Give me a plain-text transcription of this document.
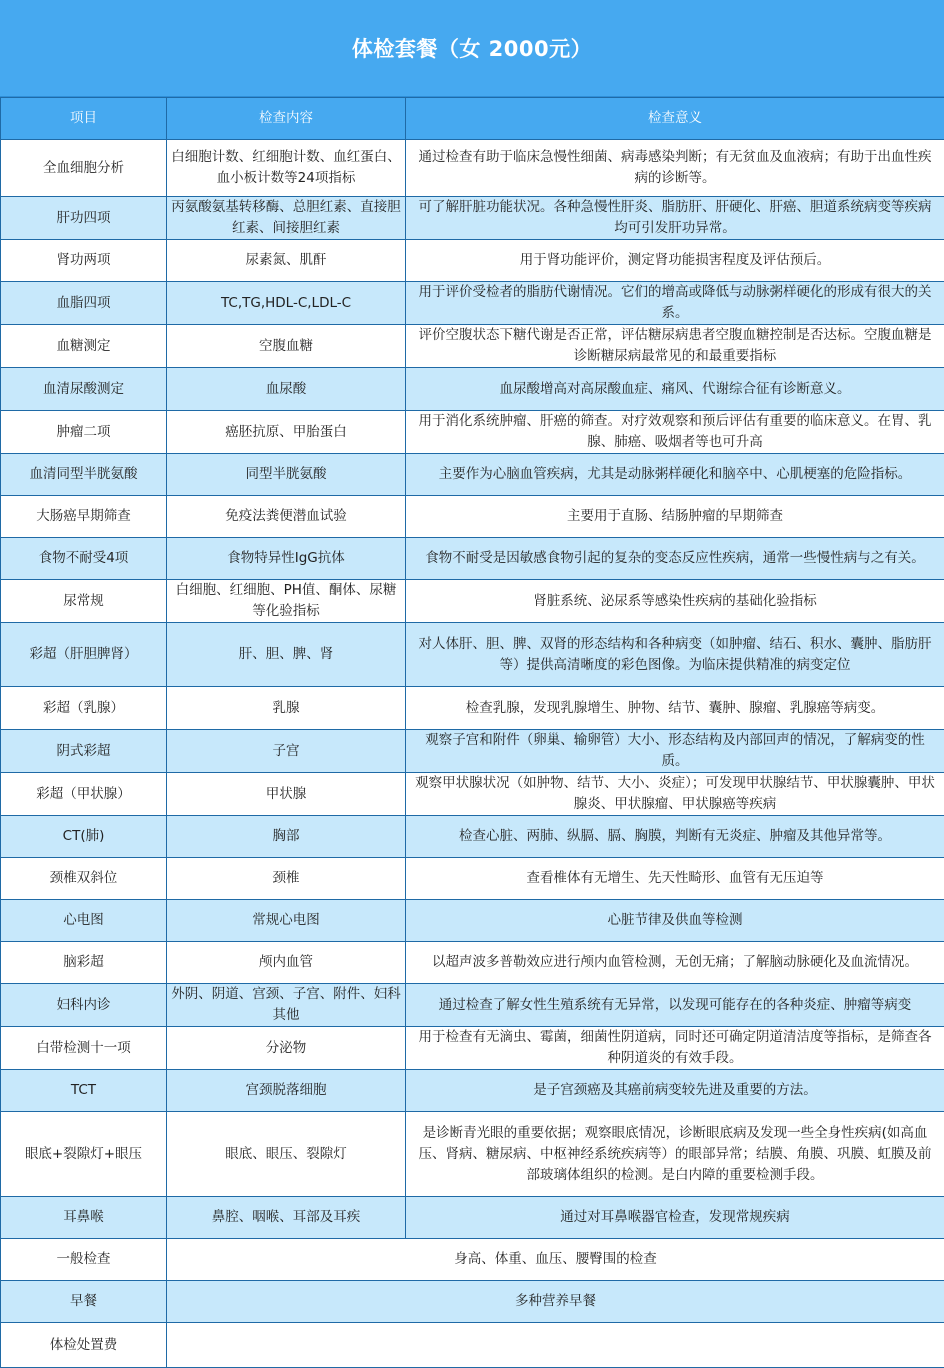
体检套餐（女 2000元）
项目	检查内容	检查意义
全血细胞分析	白细胞计数、红细胞计数、血红蛋白、血小板计数等24项指标	通过检查有助于临床急慢性细菌、病毒感染判断；有无贫血及血液病；有助于出血性疾病的诊断等。
肝功四项	丙氨酸氨基转移酶、总胆红素、直接胆红素、间接胆红素	可了解肝脏功能状况。各种急慢性肝炎、脂肪肝、肝硬化、肝癌、胆道系统病变等疾病均可引发肝功异常。
肾功两项	尿素氮、肌酐	用于肾功能评价，测定肾功能损害程度及评估预后。
血脂四项	TC,TG,HDL-C,LDL-C	用于评价受检者的脂肪代谢情况。它们的增高或降低与动脉粥样硬化的形成有很大的关系。
血糖测定	空腹血糖	评价空腹状态下糖代谢是否正常，评估糖尿病患者空腹血糖控制是否达标。空腹血糖是诊断糖尿病最常见的和最重要指标
血清尿酸测定	血尿酸	血尿酸增高对高尿酸血症、痛风、代谢综合征有诊断意义。
肿瘤二项	癌胚抗原、甲胎蛋白	用于消化系统肿瘤、肝癌的筛查。对疗效观察和预后评估有重要的临床意义。在胃、乳腺、肺癌、吸烟者等也可升高
血清同型半胱氨酸	同型半胱氨酸	主要作为心脑血管疾病，尤其是动脉粥样硬化和脑卒中、心肌梗塞的危险指标。
大肠癌早期筛查	免疫法粪便潜血试验	主要用于直肠、结肠肿瘤的早期筛查
食物不耐受4项	食物特异性IgG抗体	食物不耐受是因敏感食物引起的复杂的变态反应性疾病，通常一些慢性病与之有关。
尿常规	白细胞、红细胞、PH值、酮体、尿糖等化验指标	肾脏系统、泌尿系等感染性疾病的基础化验指标
彩超（肝胆脾肾）	肝、胆、脾、肾	对人体肝、胆、脾、双肾的形态结构和各种病变（如肿瘤、结石、积水、囊肿、脂肪肝等）提供高清晰度的彩色图像。为临床提供精准的病变定位
彩超（乳腺）	乳腺	检查乳腺，发现乳腺增生、肿物、结节、囊肿、腺瘤、乳腺癌等病变。
阴式彩超	子宫	观察子宫和附件（卵巢、输卵管）大小、形态结构及内部回声的情况，了解病变的性质。
彩超（甲状腺）	甲状腺	观察甲状腺状况（如肿物、结节、大小、炎症）；可发现甲状腺结节、甲状腺囊肿、甲状腺炎、甲状腺瘤、甲状腺癌等疾病
CT(肺)	胸部	检查心脏、两肺、纵膈、膈、胸膜，判断有无炎症、肿瘤及其他异常等。
颈椎双斜位	颈椎	查看椎体有无增生、先天性畸形、血管有无压迫等
心电图	常规心电图	心脏节律及供血等检测
脑彩超	颅内血管	以超声波多普勒效应进行颅内血管检测，无创无痛；了解脑动脉硬化及血流情况。
妇科内诊	外阴、阴道、宫颈、子宫、附件、妇科其他	通过检查了解女性生殖系统有无异常，以发现可能存在的各种炎症、肿瘤等病变
白带检测十一项	分泌物	用于检查有无滴虫、霉菌，细菌性阴道病，同时还可确定阴道清洁度等指标，是筛查各种阴道炎的有效手段。
TCT	宫颈脱落细胞	是子宫颈癌及其癌前病变较先进及重要的方法。
眼底+裂隙灯+眼压	眼底、眼压、裂隙灯	是诊断青光眼的重要依据；观察眼底情况，诊断眼底病及发现一些全身性疾病(如高血压、肾病、糖尿病、中枢神经系统疾病等）的眼部异常；结膜、角膜、巩膜、虹膜及前部玻璃体组织的检测。是白内障的重要检测手段。
耳鼻喉	鼻腔、咽喉、耳部及耳疾	通过对耳鼻喉器官检查，发现常规疾病
一般检查	身高、体重、血压、腰臀围的检查	
早餐	多种营养早餐	
体检处置费		
